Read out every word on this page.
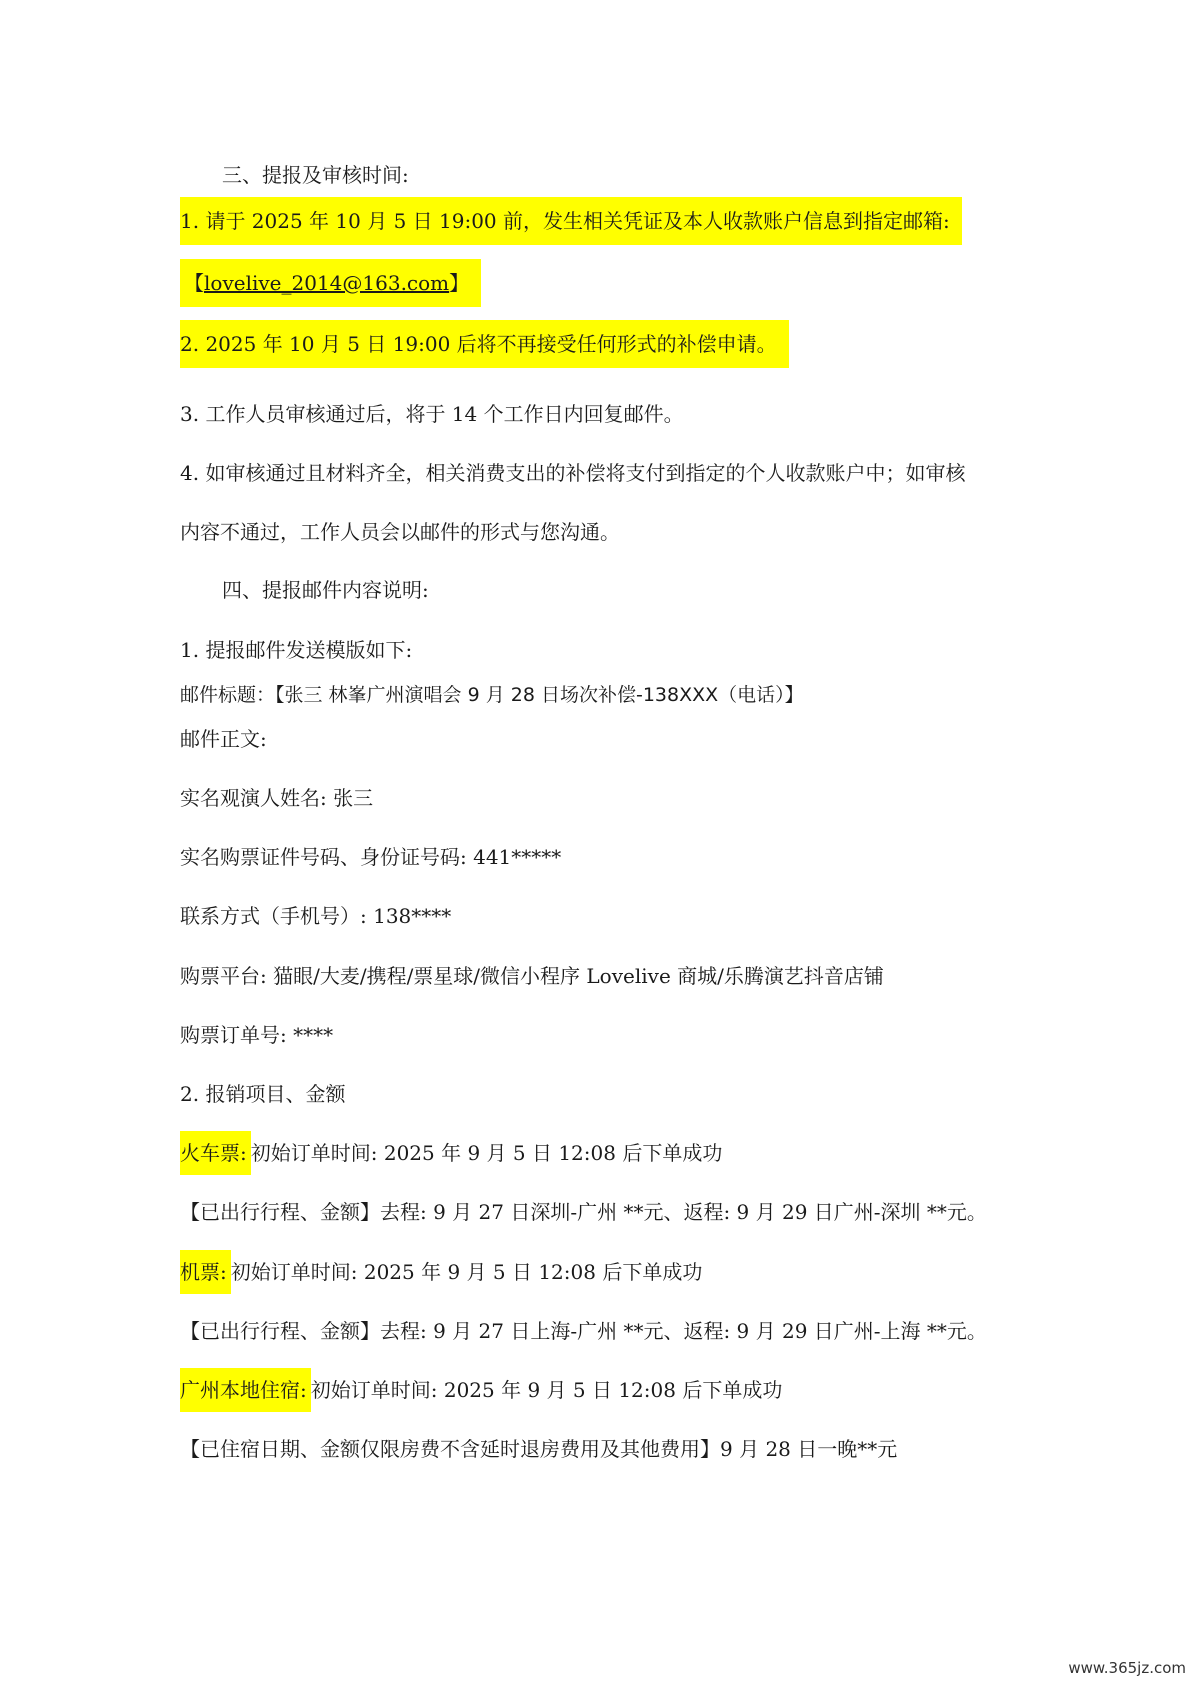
三、提报及审核时间:
1. 请于 2025 年 10 月 5 日 19:00 前，发生相关凭证及本人收款账户信息到指定邮箱:
【lovelive_2014@163.com】
2. 2025 年 10 月 5 日 19:00 后将不再接受任何形式的补偿申请。
3. 工作人员审核通过后，将于 14 个工作日内回复邮件。
4. 如审核通过且材料齐全，相关消费支出的补偿将支付到指定的个人收款账户中；如审核
内容不通过，工作人员会以邮件的形式与您沟通。
四、提报邮件内容说明:
1. 提报邮件发送模版如下:
邮件标题：【张三 林峯广州演唱会 9 月 28 日场次补偿-138XXX（电话）】
邮件正文:
实名观演人姓名: 张三
实名购票证件号码、身份证号码: 441*****
联系方式（手机号）: 138****
购票平台: 猫眼/大麦/携程/票星球/微信小程序 Lovelive 商城/乐腾演艺抖音店铺
购票订单号: ****
2. 报销项目、金额
火车票: 初始订单时间: 2025 年 9 月 5 日 12:08 后下单成功
【已出行行程、金额】去程: 9 月 27 日深圳-广州 **元、返程: 9 月 29 日广州-深圳 **元。
机票: 初始订单时间: 2025 年 9 月 5 日 12:08 后下单成功
【已出行行程、金额】去程: 9 月 27 日上海-广州 **元、返程: 9 月 29 日广州-上海 **元。
广州本地住宿: 初始订单时间: 2025 年 9 月 5 日 12:08 后下单成功
【已住宿日期、金额仅限房费不含延时退房费用及其他费用】9 月 28 日一晚**元
www.365jz.com
